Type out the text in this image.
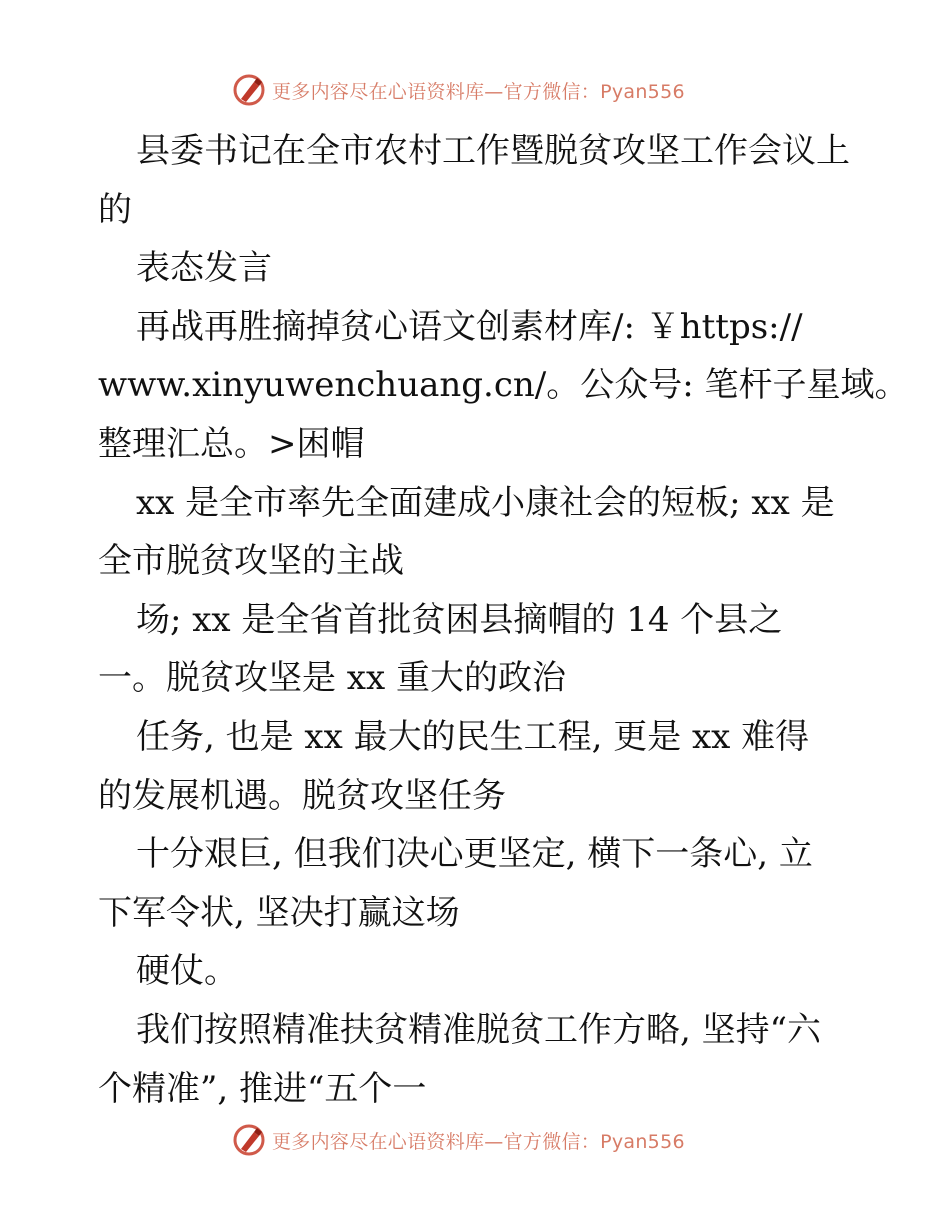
更多内容尽在心语资料库—官方微信：Pyan556
县委书记在全市农村工作暨脱贫攻坚工作会议上
的
表态发言
再战再胜摘掉贫心语文创素材库/: ￥https://
www.xinyuwenchuang.cn/。公众号: 笔杆子星域。
整理汇总。>困帽
xx 是全市率先全面建成小康社会的短板; xx 是
全市脱贫攻坚的主战
场; xx 是全省首批贫困县摘帽的 14 个县之
一。脱贫攻坚是 xx 重大的政治
任务, 也是 xx 最大的民生工程, 更是 xx 难得
的发展机遇。脱贫攻坚任务
十分艰巨, 但我们决心更坚定, 横下一条心, 立
下军令状, 坚决打赢这场
硬仗。
我们按照精准扶贫精准脱贫工作方略, 坚持“六
个精准”, 推进“五个一
更多内容尽在心语资料库—官方微信：Pyan556
